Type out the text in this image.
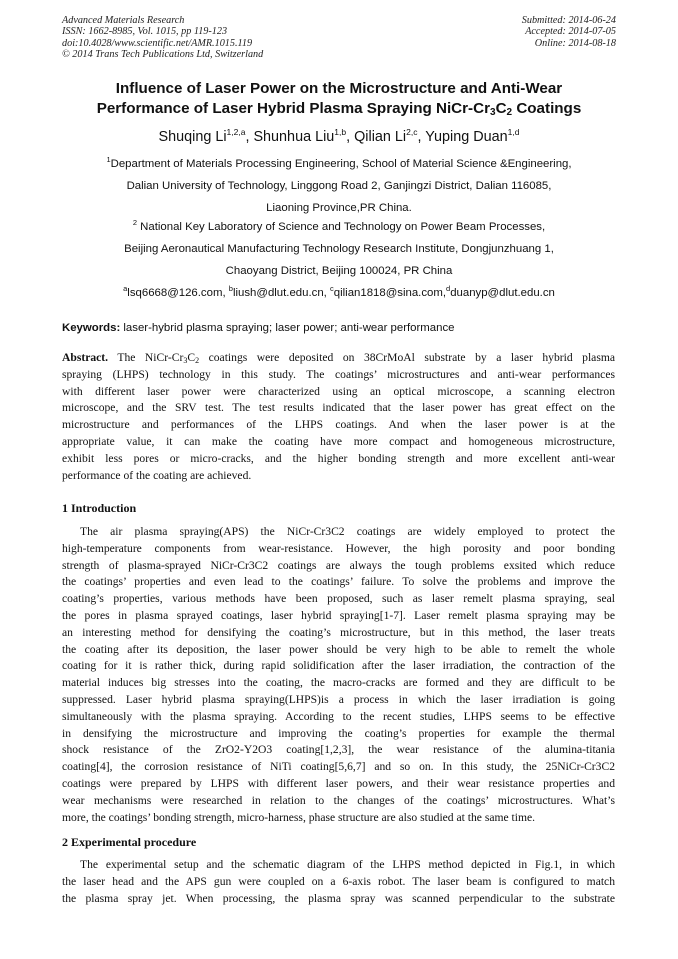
Advanced Materials Research
ISSN: 1662-8985, Vol. 1015, pp 119-123
doi:10.4028/www.scientific.net/AMR.1015.119
© 2014 Trans Tech Publications Ltd, Switzerland
Submitted: 2014-06-24
Accepted: 2014-07-05
Online: 2014-08-18
Influence of Laser Power on the Microstructure and Anti-Wear
Performance of Laser Hybrid Plasma Spraying NiCr-$Cr_3C_2$ Coatings
Shuqing Li$^{1,2,a}$, Shunhua Liu$^{1,b}$, Qilian Li$^{2,c}$, Yuping Duan$^{1,d}$
$^1$Department of Materials Processing Engineering, School of Material Science &Engineering,
Dalian University of Technology, Linggong Road 2, Ganjingzi District, Dalian 116085,
Liaoning Province,PR China.
$^2$ National Key Laboratory of Science and Technology on Power Beam Processes,
Beijing Aeronautical Manufacturing Technology Research Institute, Dongjunzhuang 1,
Chaoyang District, Beijing 100024, PR China
$^a$lsq6668@126.com, $^b$liush@dlut.edu.cn, $^c$qilian1818@sina.com,$^d$duanyp@dlut.edu.cn
Keywords: laser-hybrid plasma spraying; laser power; anti-wear performance
Abstract. The NiCr-$Cr_3C_2$ coatings were deposited on 38CrMoAl substrate by a laser hybrid plasma
spraying (LHPS) technology in this study. The coatings’ microstructures and anti-wear performances
with different laser power were characterized using an optical microscope, a scanning electron
microscope, and the SRV test. The test results indicated that the laser power has great effect on the
microstructure and performances of the LHPS coatings. And when the laser power is at the
appropriate value, it can make the coating have more compact and homogeneous microstructure,
exhibit less pores or micro-cracks, and the higher bonding strength and more excellent anti-wear
performance of the coating are achieved.
1 Introduction
The air plasma spraying(APS) the NiCr-Cr3C2 coatings are widely employed to protect the
high-temperature components from wear-resistance. However, the high porosity and poor bonding
strength of plasma-sprayed NiCr-Cr3C2 coatings are always the tough problems exsited which reduce
the coatings’ properties and even lead to the coatings’ failure. To solve the problems and improve the
coating’s properties, various methods have been proposed, such as laser remelt plasma spraying, seal
the pores in plasma sprayed coatings, laser hybrid spraying[1-7]. Laser remelt plasma spraying may be
an interesting method for densifying the coating’s microstructure, but in this method, the laser treats
the coating after its deposition, the laser power should be very high to be able to remelt the whole
coating for it is rather thick, during rapid solidification after the laser irradiation, the contraction of the
material induces big stresses into the coating, the macro-cracks are formed and they are difficult to be
suppressed. Laser hybrid plasma spraying(LHPS)is a process in which the laser irradiation is going
simultaneously with the plasma spraying. According to the recent studies, LHPS seems to be effective
in densifying the microstructure and improving the coating’s properties for example the thermal
shock resistance of the ZrO2-Y2O3 coating[1,2,3], the wear resistance of the alumina-titania
coating[4], the corrosion resistance of NiTi coating[5,6,7] and so on. In this study, the 25NiCr-Cr3C2
coatings were prepared by LHPS with different laser powers, and their wear resistance properties and
wear mechanisms were researched in relation to the changes of the coatings’ microstructures. What’s
more, the coatings’ bonding strength, micro-harness, phase structure are also studied at the same time.
2 Experimental procedure
The experimental setup and the schematic diagram of the LHPS method depicted in Fig.1, in which
the laser head and the APS gun were coupled on a 6-axis robot. The laser beam is configured to match
the plasma spray jet. When processing, the plasma spray was scanned perpendicular to the substrate
